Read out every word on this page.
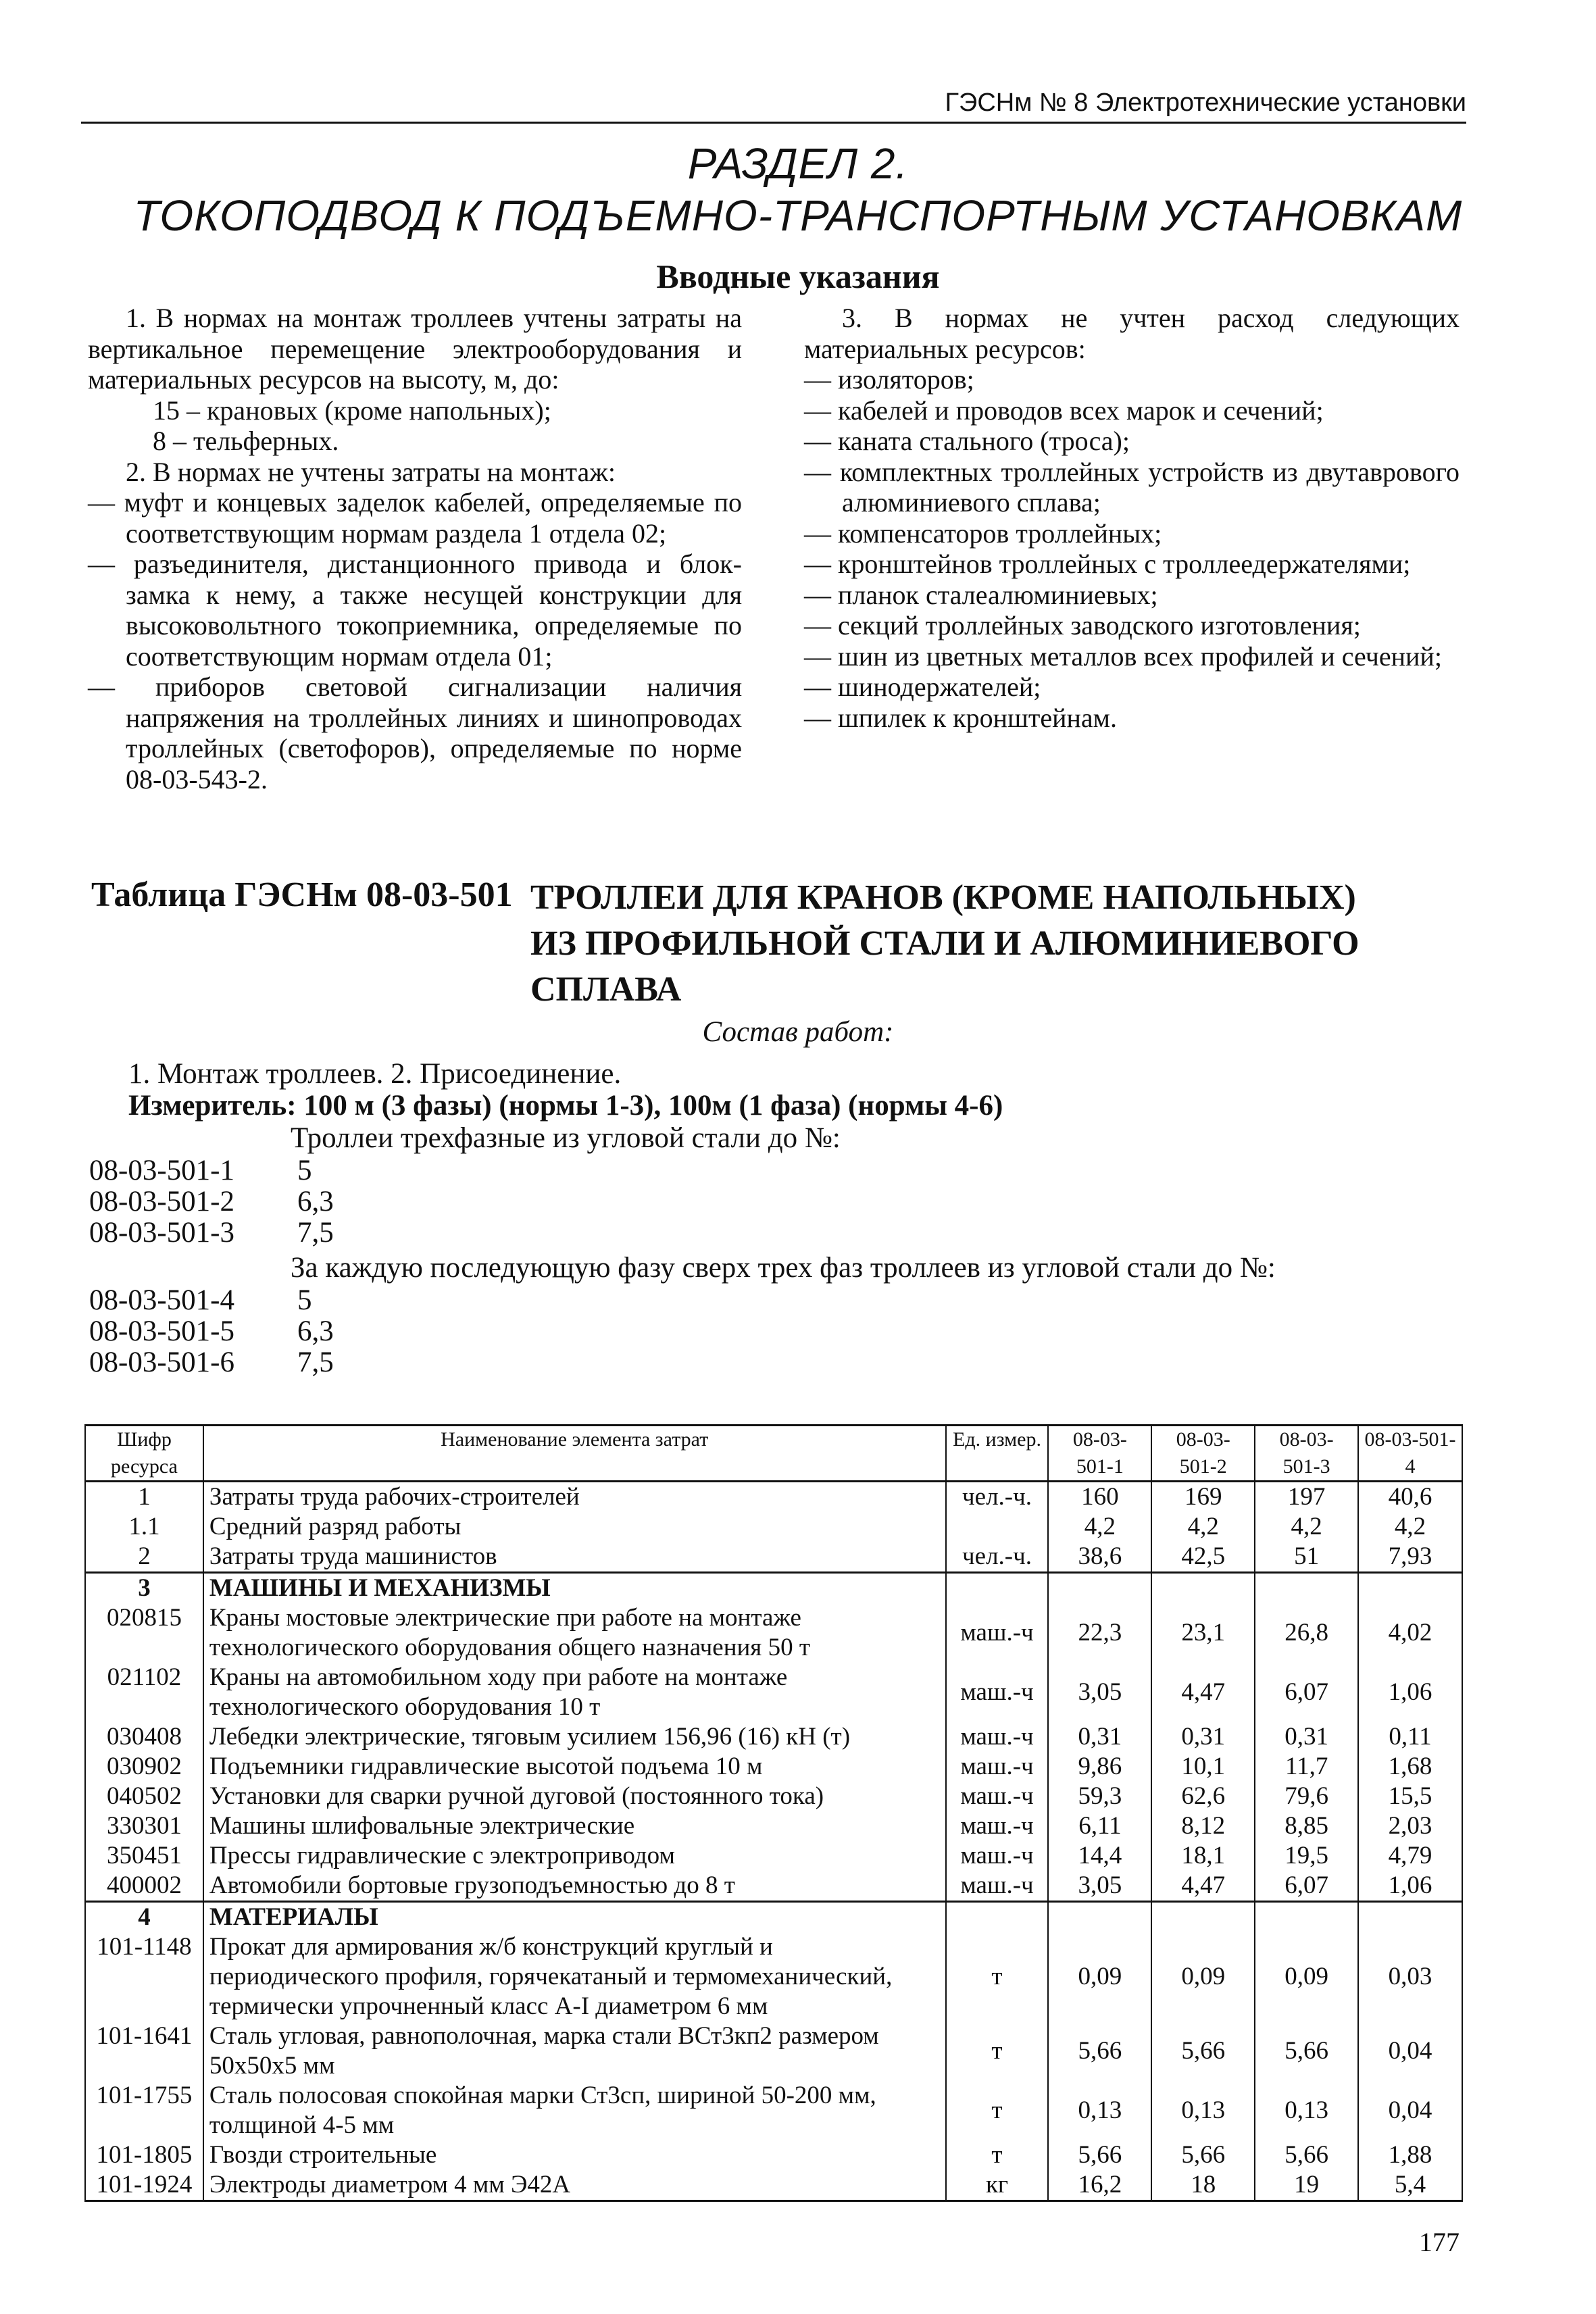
ГЭСНм № 8 Электротехнические установки
РАЗДЕЛ 2.
ТОКОПОДВОД К ПОДЪЕМНО-ТРАНСПОРТНЫМ УСТАНОВКАМ
Вводные указания

1. В нормах на монтаж троллеев учтены затраты на вертикальное перемещение электрооборудования и материальных ресурсов на высоту, м, до:

15 – крановых (кроме напольных);

8 – тельферных.

2. В нормах не учтены затраты на монтаж:

— муфт и концевых заделок кабелей, определяемые по соответствующим нормам раздела 1 отдела 02;

— разъединителя, дистанционного привода и блок-замка к нему, а также несущей конструкции для высоковольтного токоприемника, определяемые по соответствующим нормам отдела 01;

— приборов световой сигнализации наличия напряжения на троллейных линиях и шинопроводах троллейных (светофоров), определяемые по норме 08-03-543-2.

3. В нормах не учтен расход следующих материальных ресурсов:

— изоляторов;

— кабелей и проводов всех марок и сечений;

— каната стального (троса);

— комплектных троллейных устройств из двутаврового алюминиевого сплава;

— компенсаторов троллейных;

— кронштейнов троллейных с троллеедержателями;

— планок сталеалюминиевых;

— секций троллейных заводского изготовления;

— шин из цветных металлов всех профилей и сечений;

— шинодержателей;

— шпилек к кронштейнам.

Таблица ГЭСНм 08-03-501 ТРОЛЛЕИ ДЛЯ КРАНОВ (КРОМЕ НАПОЛЬНЫХ) ИЗ ПРОФИЛЬНОЙ СТАЛИ И АЛЮМИНИЕВОГО СПЛАВА
Состав работ:
1. Монтаж троллеев. 2. Присоединение.
Измеритель: 100 м (3 фазы) (нормы 1-3), 100м (1 фаза) (нормы 4-6)
Троллеи трехфазные из угловой стали до №:
08-03-501-1 5
08-03-501-2 6,3
08-03-501-3 7,5
За каждую последующую фазу сверх трех фаз троллеев из угловой стали до №:
08-03-501-4 5
08-03-501-5 6,3
08-03-501-6 7,5
Шифр ресурса	Наименование элемента затрат	Ед. измер.	08-03-501-1	08-03-501-2	08-03-501-3	08-03-501-4
1	Затраты труда рабочих-строителей	чел.-ч.	160	169	197	40,6
1.1	Средний разряд работы		4,2	4,2	4,2	4,2
2	Затраты труда машинистов	чел.-ч.	38,6	42,5	51	7,93
3	МАШИНЫ И МЕХАНИЗМЫ					
020815	Краны мостовые электрические при работе на монтаже технологического оборудования общего назначения 50 т	маш.-ч	22,3	23,1	26,8	4,02
021102	Краны на автомобильном ходу при работе на монтаже технологического оборудования 10 т	маш.-ч	3,05	4,47	6,07	1,06
030408	Лебедки электрические, тяговым усилием 156,96 (16) кН (т)	маш.-ч	0,31	0,31	0,31	0,11
030902	Подъемники гидравлические высотой подъема 10 м	маш.-ч	9,86	10,1	11,7	1,68
040502	Установки для сварки ручной дуговой (постоянного тока)	маш.-ч	59,3	62,6	79,6	15,5
330301	Машины шлифовальные электрические	маш.-ч	6,11	8,12	8,85	2,03
350451	Прессы гидравлические с электроприводом	маш.-ч	14,4	18,1	19,5	4,79
400002	Автомобили бортовые грузоподъемностью до 8 т	маш.-ч	3,05	4,47	6,07	1,06
4	МАТЕРИАЛЫ					
101-1148	Прокат для армирования ж/б конструкций круглый и периодического профиля, горячекатаный и термомеханический, термически упрочненный класс А-I диаметром 6 мм	т	0,09	0,09	0,09	0,03
101-1641	Сталь угловая, равнополочная, марка стали ВСт3кп2 размером 50х50х5 мм	т	5,66	5,66	5,66	0,04
101-1755	Сталь полосовая спокойная марки Ст3сп, шириной 50-200 мм, толщиной 4-5 мм	т	0,13	0,13	0,13	0,04
101-1805	Гвозди строительные	т	5,66	5,66	5,66	1,88
101-1924	Электроды диаметром 4 мм Э42А	кг	16,2	18	19	5,4
177
